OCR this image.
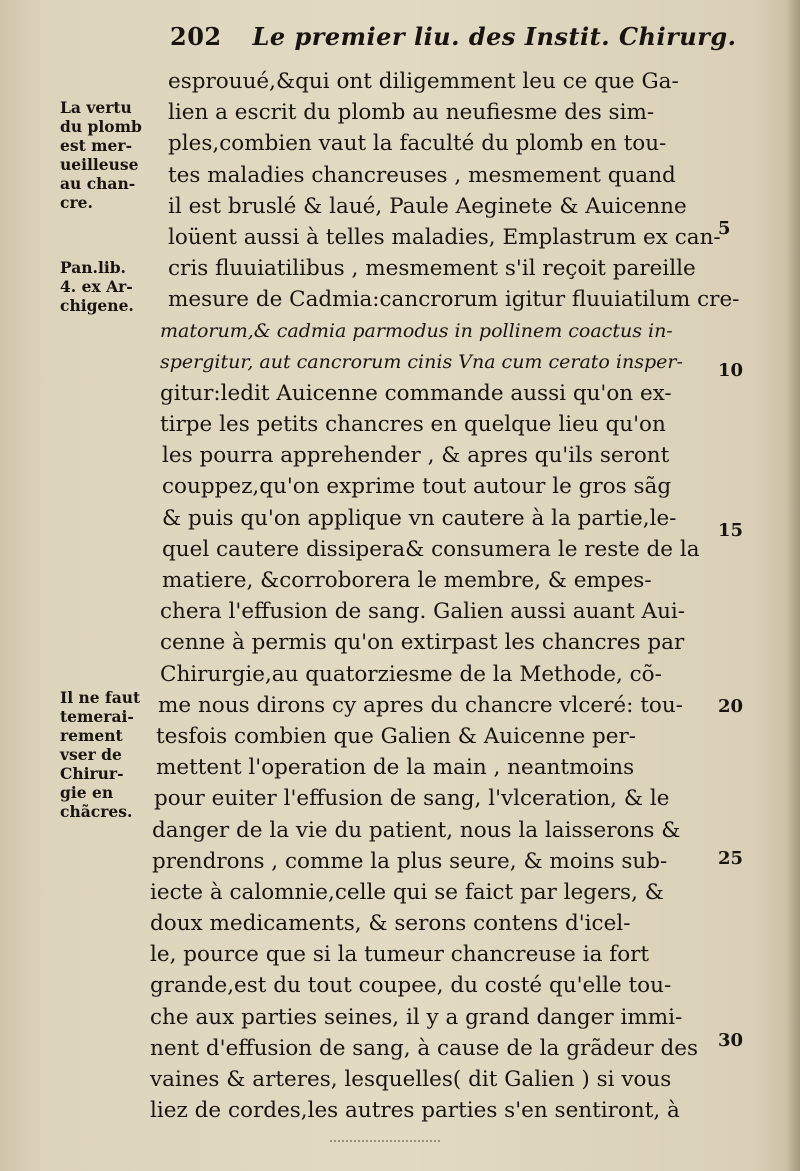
202 Le premier liu. des Instit. Chirurg.
esprouué,&qui ont diligemment leu ce que Ga-
lien a escrit du plomb au neufiesme des sim-
ples,combien vaut la faculté du plomb en tou-
tes maladies chancreuses , mesmement quand
il est bruslé & laué, Paule Aeginete & Auicenne
loüent aussi à telles maladies, Emplastrum ex can-
cris fluuiatilibus , mesmement s'il reçoit pareille
mesure de Cadmia:cancrorum igitur fluuiatilum cre-
matorum,& cadmia parmodus in pollinem coactus in-
spergitur, aut cancrorum cinis Vna cum cerato insper-
gitur:ledit Auicenne commande aussi qu'on ex-
tirpe les petits chancres en quelque lieu qu'on
les pourra apprehender , & apres qu'ils seront
couppez,qu'on exprime tout autour le gros sãg
& puis qu'on applique vn cautere à la partie,le-
quel cautere dissipera& consumera le reste de la
matiere, &corroborera le membre, & empes-
chera l'effusion de sang. Galien aussi auant Aui-
cenne à permis qu'on extirpast les chancres par
Chirurgie,au quatorziesme de la Methode, cõ-
me nous dirons cy apres du chancre vlceré: tou-
tesfois combien que Galien & Auicenne per-
mettent l'operation de la main , neantmoins
pour euiter l'effusion de sang, l'vlceration, & le
danger de la vie du patient, nous la laisserons &
prendrons , comme la plus seure, & moins sub-
iecte à calomnie,celle qui se faict par legers, &
doux medicaments, & serons contens d'icel-
le, pource que si la tumeur chancreuse ia fort
grande,est du tout coupee, du costé qu'elle tou-
che aux parties seines, il y a grand danger immi-
nent d'effusion de sang, à cause de la grãdeur des
vaines & arteres, lesquelles( dit Galien ) si vous
liez de cordes,les autres parties s'en sentiront, à
La vertu
du plomb
est mer-
ueilleuse
au chan-
cre.
Pan.lib.
4. ex Ar-
chigene.
Il ne faut
temerai-
rement
vser de
Chirur-
gie en
chãcres.
5
10
15
20
25
30
